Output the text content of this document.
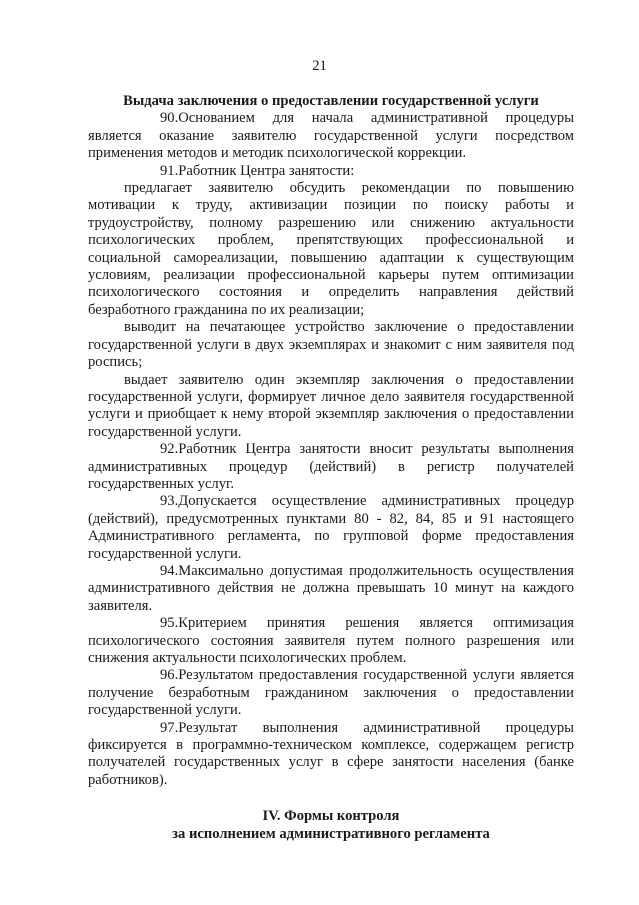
21

Выдача заключения о предоставлении государственной услуги

90.Основанием для начала административной процедуры является оказание заявителю государственной услуги посредством применения методов и методик психологической коррекции.

91.Работник Центра занятости:

предлагает заявителю обсудить рекомендации по повышению мотивации к труду, активизации позиции по поиску работы и трудоустройству, полному разрешению или снижению актуальности психологических проблем, препятствующих профессиональной и социальной самореализации, повышению адаптации к существующим условиям, реализации профессиональной карьеры путем оптимизации психологического состояния и определить направления действий безработного гражданина по их реализации;

выводит на печатающее устройство заключение о предоставлении государственной услуги в двух экземплярах и знакомит с ним заявителя под роспись;

выдает заявителю один экземпляр заключения о предоставлении государственной услуги, формирует личное дело заявителя государственной услуги и приобщает к нему второй экземпляр заключения о предоставлении государственной услуги.

92.Работник Центра занятости вносит результаты выполнения административных процедур (действий) в регистр получателей государственных услуг.

93.Допускается осуществление административных процедур (действий), предусмотренных пунктами 80 - 82, 84, 85 и 91 настоящего Административного регламента, по групповой форме предоставления государственной услуги.

94.Максимально допустимая продолжительность осуществления административного действия не должна превышать 10 минут на каждого заявителя.

95.Критерием принятия решения является оптимизация психологического состояния заявителя путем полного разрешения или снижения актуальности психологических проблем.

96.Результатом предоставления государственной услуги является получение безработным гражданином заключения о предоставлении государственной услуги.

97.Результат выполнения административной процедуры фиксируется в программно-техническом комплексе, содержащем регистр получателей государственных услуг в сфере занятости населения (банке работников).

IV. Формы контроля

за исполнением административного регламента
